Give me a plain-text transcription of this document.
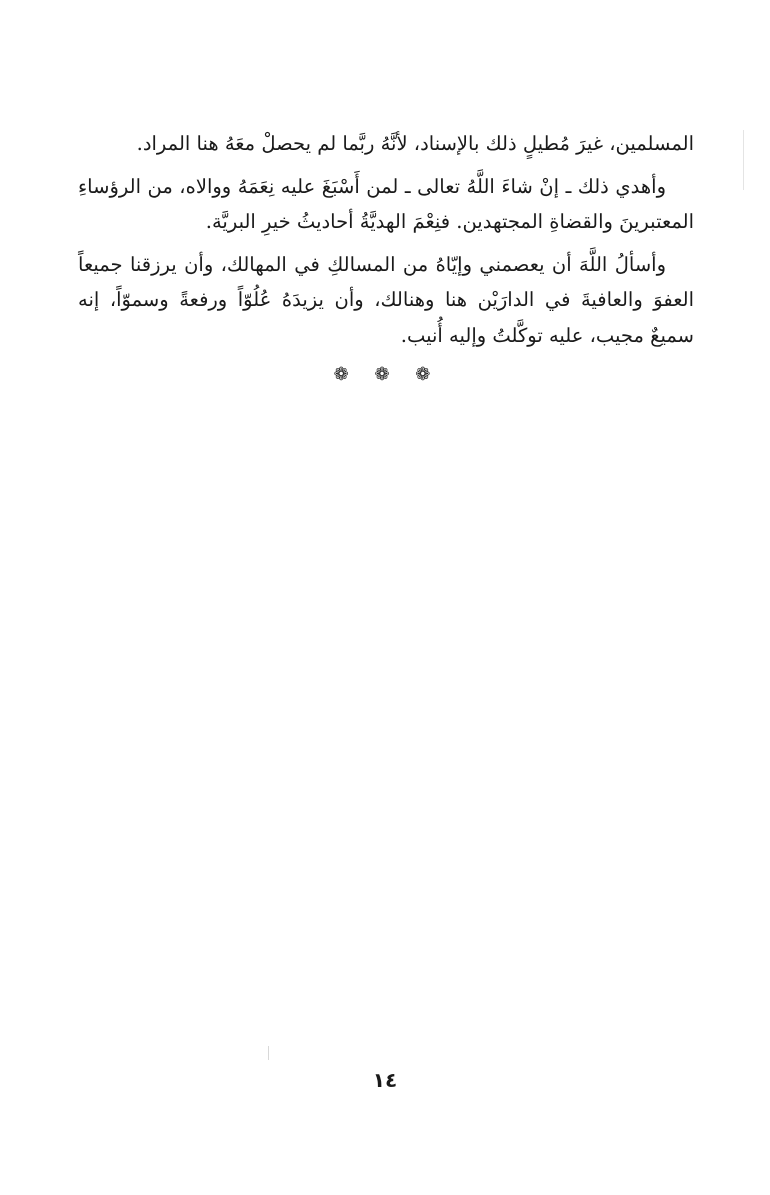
المسلمين، غيرَ مُطيلٍ ذلك بالإسناد، لأنَّهُ ربَّما لم يحصلْ معَهُ هنا المراد.

وأهدي ذلك ـ إنْ شاءَ اللَّهُ تعالى ـ لمن أَسْبَغَ عليه نِعَمَهُ ووالاه، من الرؤساءِ المعتبرينَ والقضاةِ المجتهدين. فنِعْمَ الهديَّةُ أحاديثُ خيرِ البريَّة.

وأسألُ اللَّهَ أن يعصمني وإيّاهُ من المسالكِ في المهالك، وأن يرزقنا جميعاً العفوَ والعافيةَ في الدارَيْن هنا وهنالك، وأن يزيدَهُ عُلُوّاً ورفعةً وسموّاً، إنه سميعٌ مجيب، عليه توكَّلتُ وإليه أُنيب.

❁ ❁ ❁
١٤
